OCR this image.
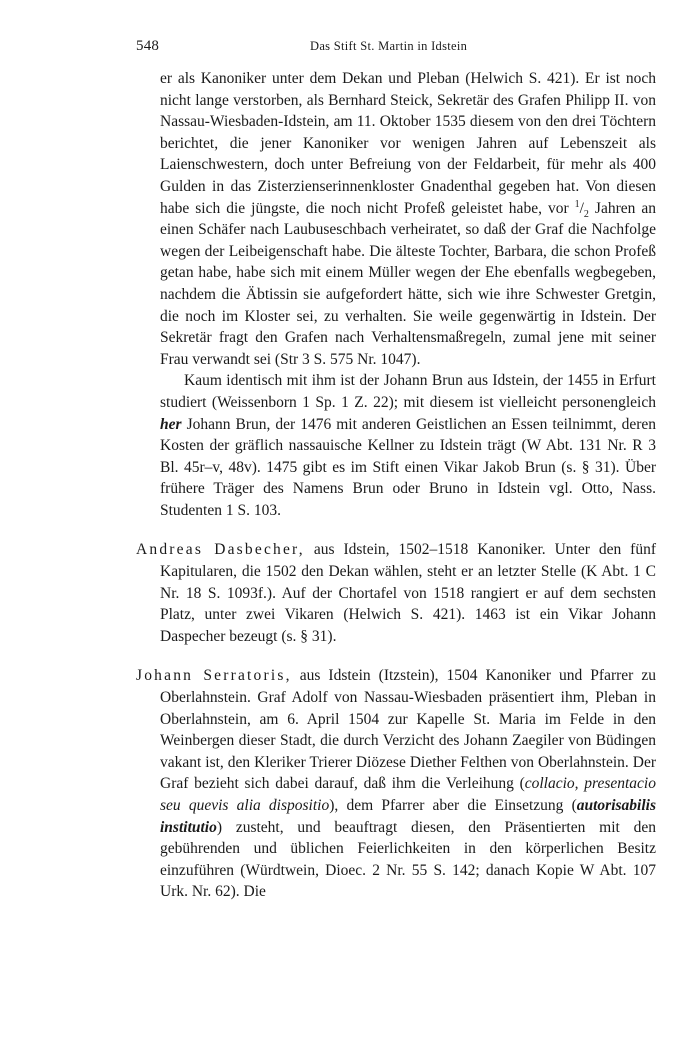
548	Das Stift St. Martin in Idstein

er als Kanoniker unter dem Dekan und Pleban (Helwich S. 421). Er ist noch nicht lange verstorben, als Bernhard Steick, Sekretär des Grafen Philipp II. von Nassau-Wiesbaden-Idstein, am 11. Oktober 1535 diesem von den drei Töchtern berichtet, die jener Kanoniker vor wenigen Jahren auf Lebenszeit als Laienschwestern, doch unter Befreiung von der Feldarbeit, für mehr als 400 Gulden in das Zisterzienserinnenkloster Gnadenthal gegeben hat. Von diesen habe sich die jüngste, die noch nicht Profeß geleistet habe, vor $^1/_2$ Jahren an einen Schäfer nach Laubuseschbach verheiratet, so daß der Graf die Nachfolge wegen der Leibeigenschaft habe. Die älteste Tochter, Barbara, die schon Profeß getan habe, habe sich mit einem Müller wegen der Ehe ebenfalls wegbegeben, nachdem die Äbtissin sie aufgefordert hätte, sich wie ihre Schwester Gretgin, die noch im Kloster sei, zu verhalten. Sie weile gegenwärtig in Idstein. Der Sekretär fragt den Grafen nach Verhaltensmaßregeln, zumal jene mit seiner Frau verwandt sei (Str 3 S. 575 Nr. 1047).

Kaum identisch mit ihm ist der Johann Brun aus Idstein, der 1455 in Erfurt studiert (Weissenborn 1 Sp. 1 Z. 22); mit diesem ist vielleicht personengleich her Johann Brun, der 1476 mit anderen Geistlichen an Essen teilnimmt, deren Kosten der gräflich nassauische Kellner zu Idstein trägt (W Abt. 131 Nr. R 3 Bl. 45r–v, 48v). 1475 gibt es im Stift einen Vikar Jakob Brun (s. § 31). Über frühere Träger des Namens Brun oder Bruno in Idstein vgl. Otto, Nass. Studenten 1 S. 103.

Andreas Dasbecher, aus Idstein, 1502–1518 Kanoniker. Unter den fünf Kapitularen, die 1502 den Dekan wählen, steht er an letzter Stelle (K Abt. 1 C Nr. 18 S. 1093f.). Auf der Chortafel von 1518 rangiert er auf dem sechsten Platz, unter zwei Vikaren (Helwich S. 421). 1463 ist ein Vikar Johann Daspecher bezeugt (s. § 31).

Johann Serratoris, aus Idstein (Itzstein), 1504 Kanoniker und Pfarrer zu Oberlahnstein. Graf Adolf von Nassau-Wiesbaden präsentiert ihm, Pleban in Oberlahnstein, am 6. April 1504 zur Kapelle St. Maria im Felde in den Weinbergen dieser Stadt, die durch Verzicht des Johann Zaegiler von Büdingen vakant ist, den Kleriker Trierer Diözese Diether Felthen von Oberlahnstein. Der Graf bezieht sich dabei darauf, daß ihm die Verleihung (collacio, presentacio seu quevis alia dispositio), dem Pfarrer aber die Einsetzung (autorisabilis institutio) zusteht, und beauftragt diesen, den Präsentierten mit den gebührenden und üblichen Feierlichkeiten in den körperlichen Besitz einzuführen (Würdtwein, Dioec. 2 Nr. 55 S. 142; danach Kopie W Abt. 107 Urk. Nr. 62). Die
